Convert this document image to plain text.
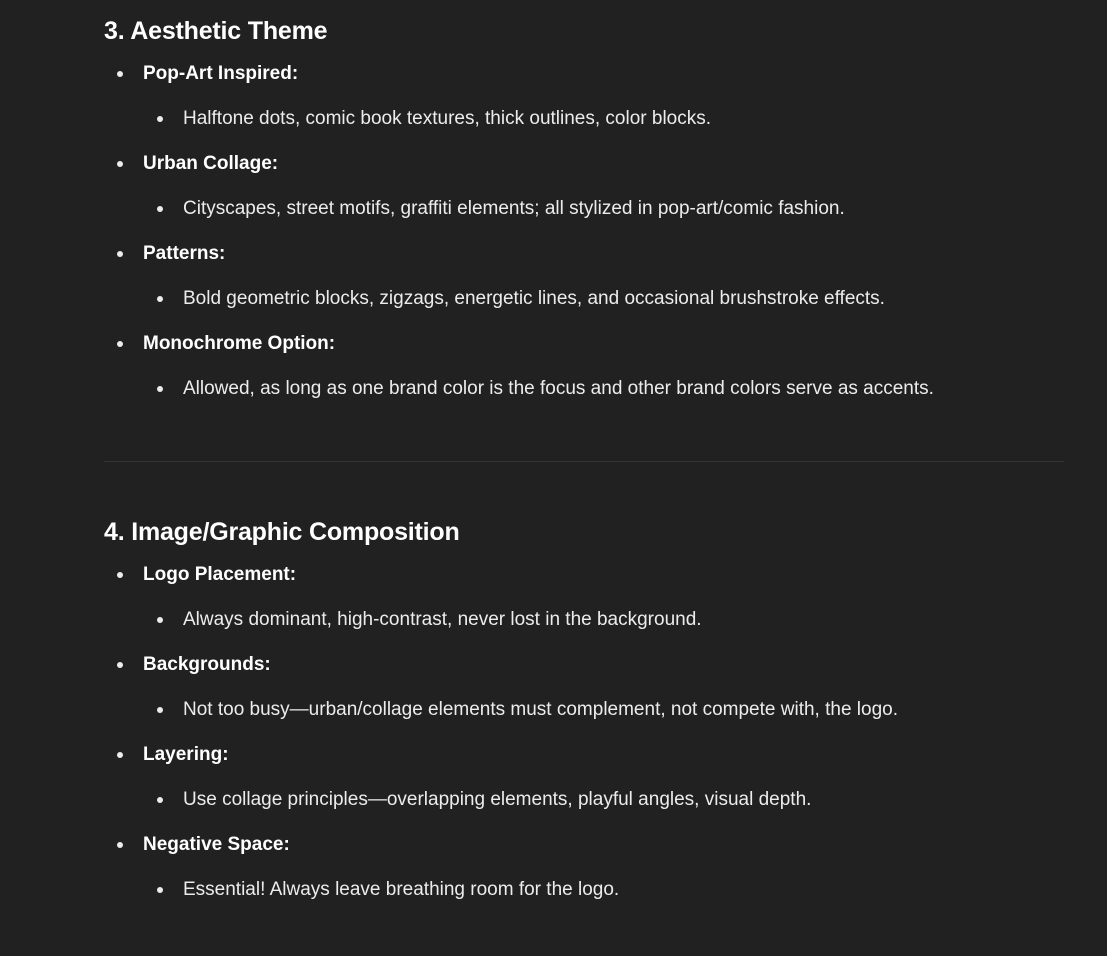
3. Aesthetic Theme
Pop-Art Inspired:
Halftone dots, comic book textures, thick outlines, color blocks.
Urban Collage:
Cityscapes, street motifs, graffiti elements; all stylized in pop-art/comic fashion.
Patterns:
Bold geometric blocks, zigzags, energetic lines, and occasional brushstroke effects.
Monochrome Option:
Allowed, as long as one brand color is the focus and other brand colors serve as accents.
4. Image/Graphic Composition
Logo Placement:
Always dominant, high-contrast, never lost in the background.
Backgrounds:
Not too busy—urban/collage elements must complement, not compete with, the logo.
Layering:
Use collage principles—overlapping elements, playful angles, visual depth.
Negative Space:
Essential! Always leave breathing room for the logo.
